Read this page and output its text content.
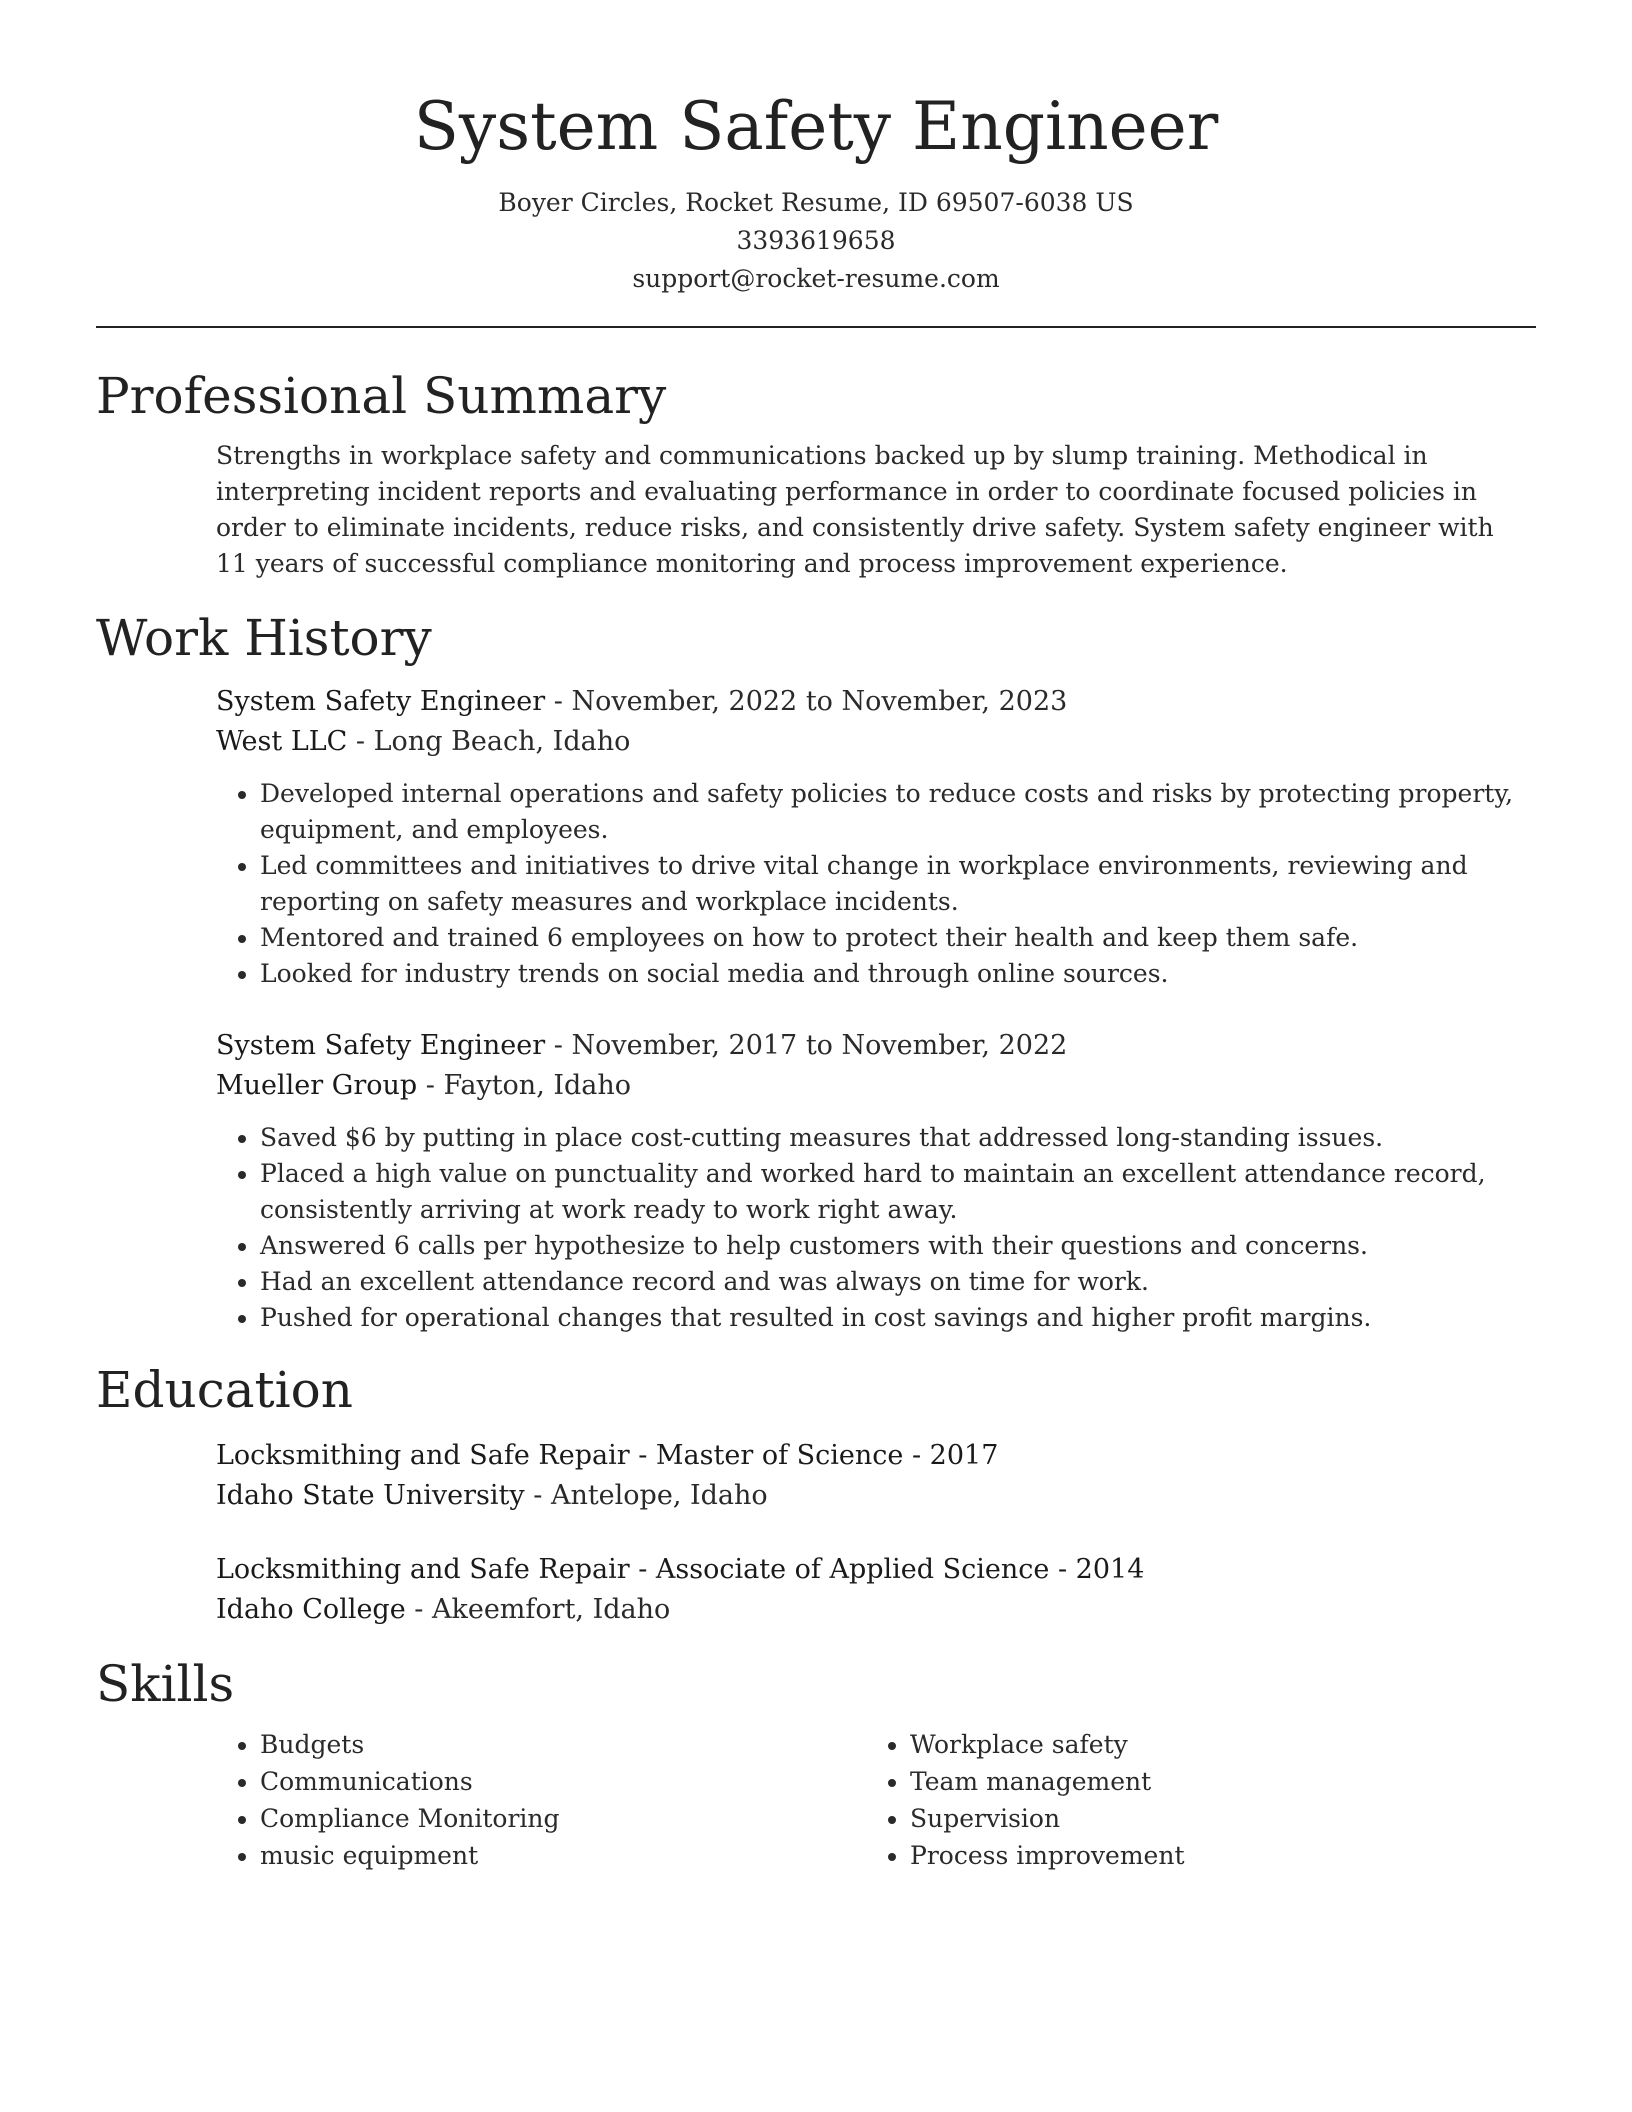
System Safety Engineer
Boyer Circles, Rocket Resume, ID 69507-6038 US
3393619658
support@rocket-resume.com
Professional Summary
Strengths in workplace safety and communications backed up by slump training. Methodical in interpreting incident reports and evaluating performance in order to coordinate focused policies in order to eliminate incidents, reduce risks, and consistently drive safety. System safety engineer with 11 years of successful compliance monitoring and process improvement experience.
Work History
System Safety Engineer - November, 2022 to November, 2023
West LLC - Long Beach, Idaho
• Developed internal operations and safety policies to reduce costs and risks by protecting property, equipment, and employees.
• Led committees and initiatives to drive vital change in workplace environments, reviewing and reporting on safety measures and workplace incidents.
• Mentored and trained 6 employees on how to protect their health and keep them safe.
• Looked for industry trends on social media and through online sources.
System Safety Engineer - November, 2017 to November, 2022
Mueller Group - Fayton, Idaho
• Saved $6 by putting in place cost-cutting measures that addressed long-standing issues.
• Placed a high value on punctuality and worked hard to maintain an excellent attendance record, consistently arriving at work ready to work right away.
• Answered 6 calls per hypothesize to help customers with their questions and concerns.
• Had an excellent attendance record and was always on time for work.
• Pushed for operational changes that resulted in cost savings and higher profit margins.
Education
Locksmithing and Safe Repair - Master of Science - 2017
Idaho State University - Antelope, Idaho
Locksmithing and Safe Repair - Associate of Applied Science - 2014
Idaho College - Akeemfort, Idaho
Skills
• Budgets
• Communications
• Compliance Monitoring
• music equipment
• Workplace safety
• Team management
• Supervision
• Process improvement
